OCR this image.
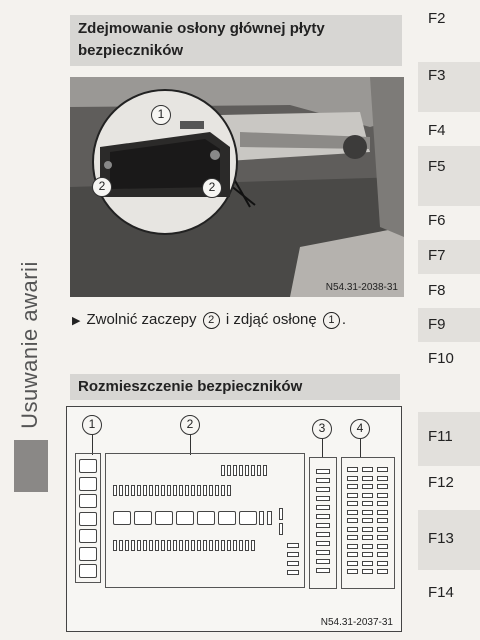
F2
F3
F4
F5
F6
F7
F8
F9
F10
F11
F12
F13
F14
Usuwanie awarii
Zdejmowanie osłony głównej płyty bezpieczników
1
2	2
N54.31-2038-31
▶ Zwolnić zaczepy 2 i zdjąć osłonę 1 .
Rozmieszczenie bezpieczników
1	2	3	4
N54.31-2037-31
